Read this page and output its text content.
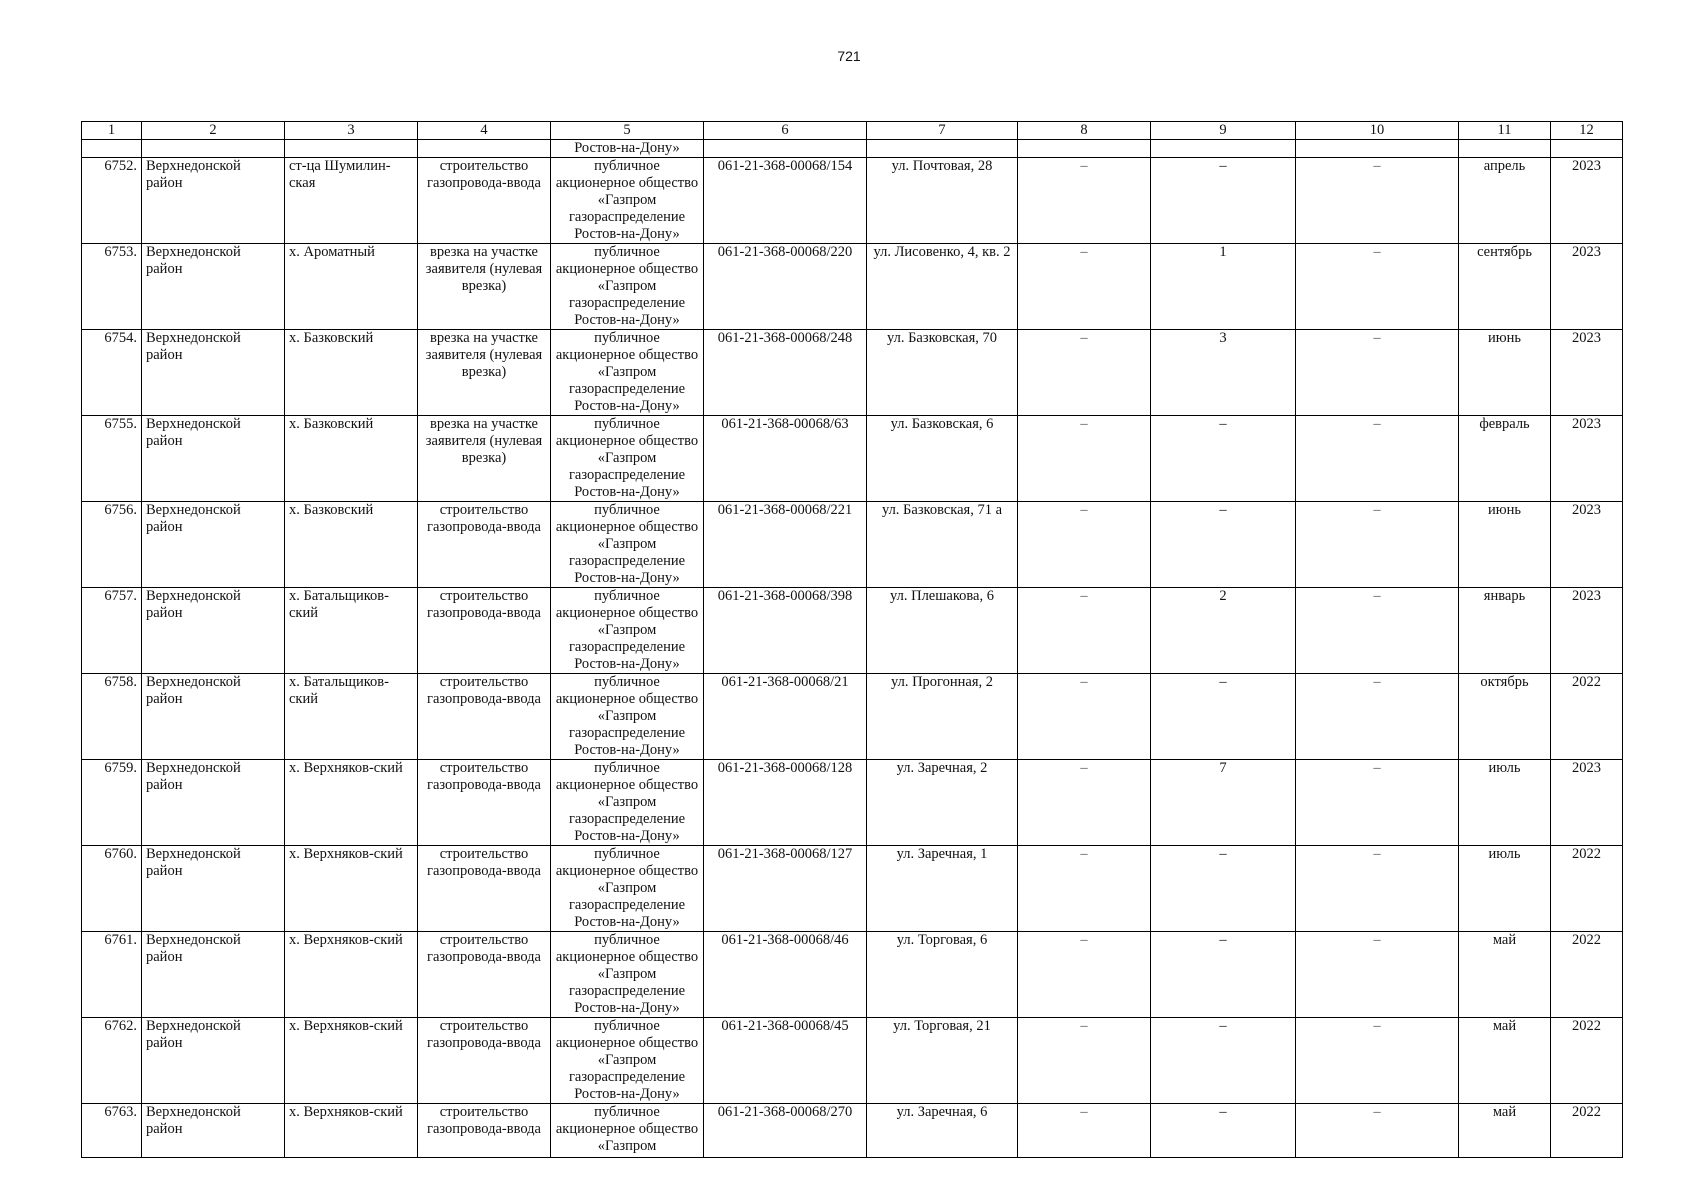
721
1	2	3	4	5	6	7	8	9	10	11	12
				Ростов-на-Дону»							
6752.	Верхнедонской район	ст-ца Шумилин-ская	строительство газопровода-ввода	публичное акционерное общество «Газпром газораспределение Ростов-на-Дону»	061-21-368-00068/154	ул. Почтовая, 28	–	–	–	апрель	2023
6753.	Верхнедонской район	х. Ароматный	врезка на участке заявителя (нулевая врезка)	публичное акционерное общество «Газпром газораспределение Ростов-на-Дону»	061-21-368-00068/220	ул. Лисовенко, 4, кв. 2	–	1	–	сентябрь	2023
6754.	Верхнедонской район	х. Базковский	врезка на участке заявителя (нулевая врезка)	публичное акционерное общество «Газпром газораспределение Ростов-на-Дону»	061-21-368-00068/248	ул. Базковская, 70	–	3	–	июнь	2023
6755.	Верхнедонской район	х. Базковский	врезка на участке заявителя (нулевая врезка)	публичное акционерное общество «Газпром газораспределение Ростов-на-Дону»	061-21-368-00068/63	ул. Базковская, 6	–	–	–	февраль	2023
6756.	Верхнедонской район	х. Базковский	строительство газопровода-ввода	публичное акционерное общество «Газпром газораспределение Ростов-на-Дону»	061-21-368-00068/221	ул. Базковская, 71 а	–	–	–	июнь	2023
6757.	Верхнедонской район	х. Батальщиков-ский	строительство газопровода-ввода	публичное акционерное общество «Газпром газораспределение Ростов-на-Дону»	061-21-368-00068/398	ул. Плешакова, 6	–	2	–	январь	2023
6758.	Верхнедонской район	х. Батальщиков-ский	строительство газопровода-ввода	публичное акционерное общество «Газпром газораспределение Ростов-на-Дону»	061-21-368-00068/21	ул. Прогонная, 2	–	–	–	октябрь	2022
6759.	Верхнедонской район	х. Верхняков-ский	строительство газопровода-ввода	публичное акционерное общество «Газпром газораспределение Ростов-на-Дону»	061-21-368-00068/128	ул. Заречная, 2	–	7	–	июль	2023
6760.	Верхнедонской район	х. Верхняков-ский	строительство газопровода-ввода	публичное акционерное общество «Газпром газораспределение Ростов-на-Дону»	061-21-368-00068/127	ул. Заречная, 1	–	–	–	июль	2022
6761.	Верхнедонской район	х. Верхняков-ский	строительство газопровода-ввода	публичное акционерное общество «Газпром газораспределение Ростов-на-Дону»	061-21-368-00068/46	ул. Торговая, 6	–	–	–	май	2022
6762.	Верхнедонской район	х. Верхняков-ский	строительство газопровода-ввода	публичное акционерное общество «Газпром газораспределение Ростов-на-Дону»	061-21-368-00068/45	ул. Торговая, 21	–	–	–	май	2022
6763.	Верхнедонской район	х. Верхняков-ский	строительство газопровода-ввода	публичное акционерное общество «Газпром	061-21-368-00068/270	ул. Заречная, 6	–	–	–	май	2022
